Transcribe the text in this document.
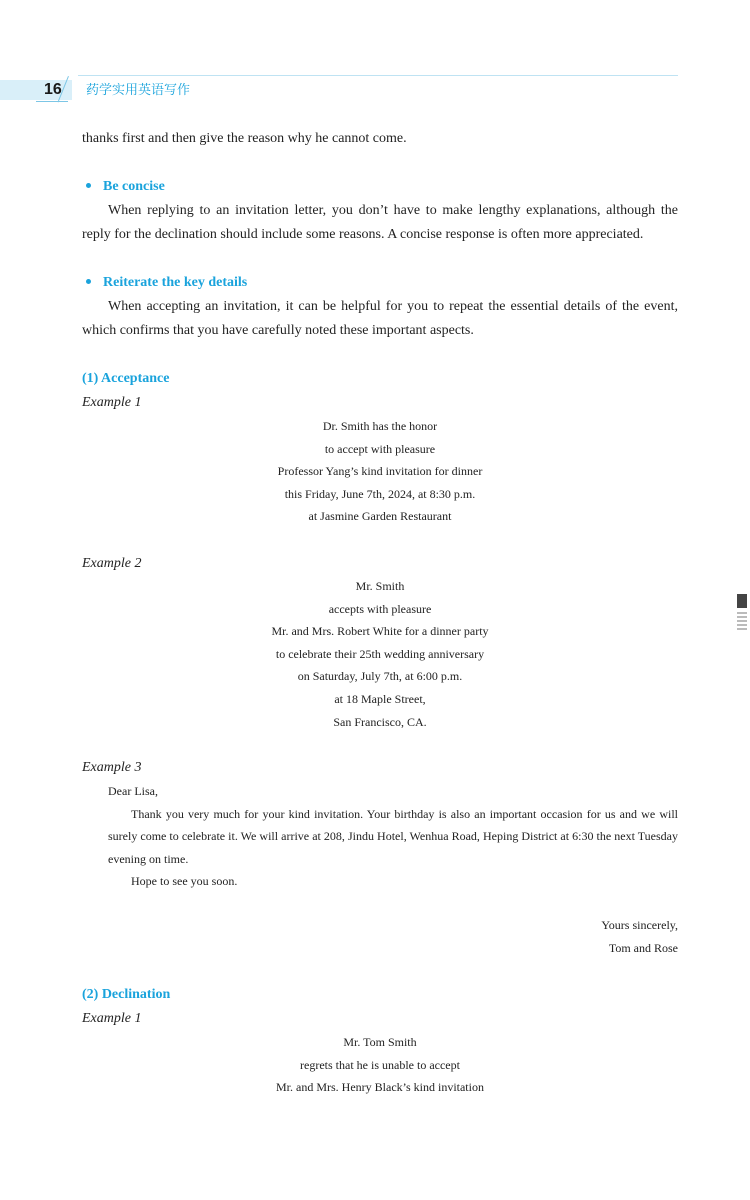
16 药学实用英语写作

thanks first and then give the reason why he cannot come.

Be concise

When replying to an invitation letter, you don’t have to make lengthy explanations, although the reply for the declination should include some reasons. A concise response is often more appreciated.

Reiterate the key details

When accepting an invitation, it can be helpful for you to repeat the essential details of the event, which confirms that you have carefully noted these important aspects.

(1) Acceptance
Example 1
Dr. Smith has the honor
to accept with pleasure
Professor Yang’s kind invitation for dinner
this Friday, June 7th, 2024, at 8:30 p.m.
at Jasmine Garden Restaurant
Example 2
Mr. Smith
accepts with pleasure
Mr. and Mrs. Robert White for a dinner party
to celebrate their 25th wedding anniversary
on Saturday, July 7th, at 6:00 p.m.
at 18 Maple Street,
San Francisco, CA.
Example 3
Dear Lisa,

Thank you very much for your kind invitation. Your birthday is also an important occasion for us and we will surely come to celebrate it. We will arrive at 208, Jindu Hotel, Wenhua Road, Heping District at 6:30 the next Tuesday evening on time.

Hope to see you soon.
Yours sincerely,
Tom and Rose
(2) Declination
Example 1
Mr. Tom Smith
regrets that he is unable to accept
Mr. and Mrs. Henry Black’s kind invitation
